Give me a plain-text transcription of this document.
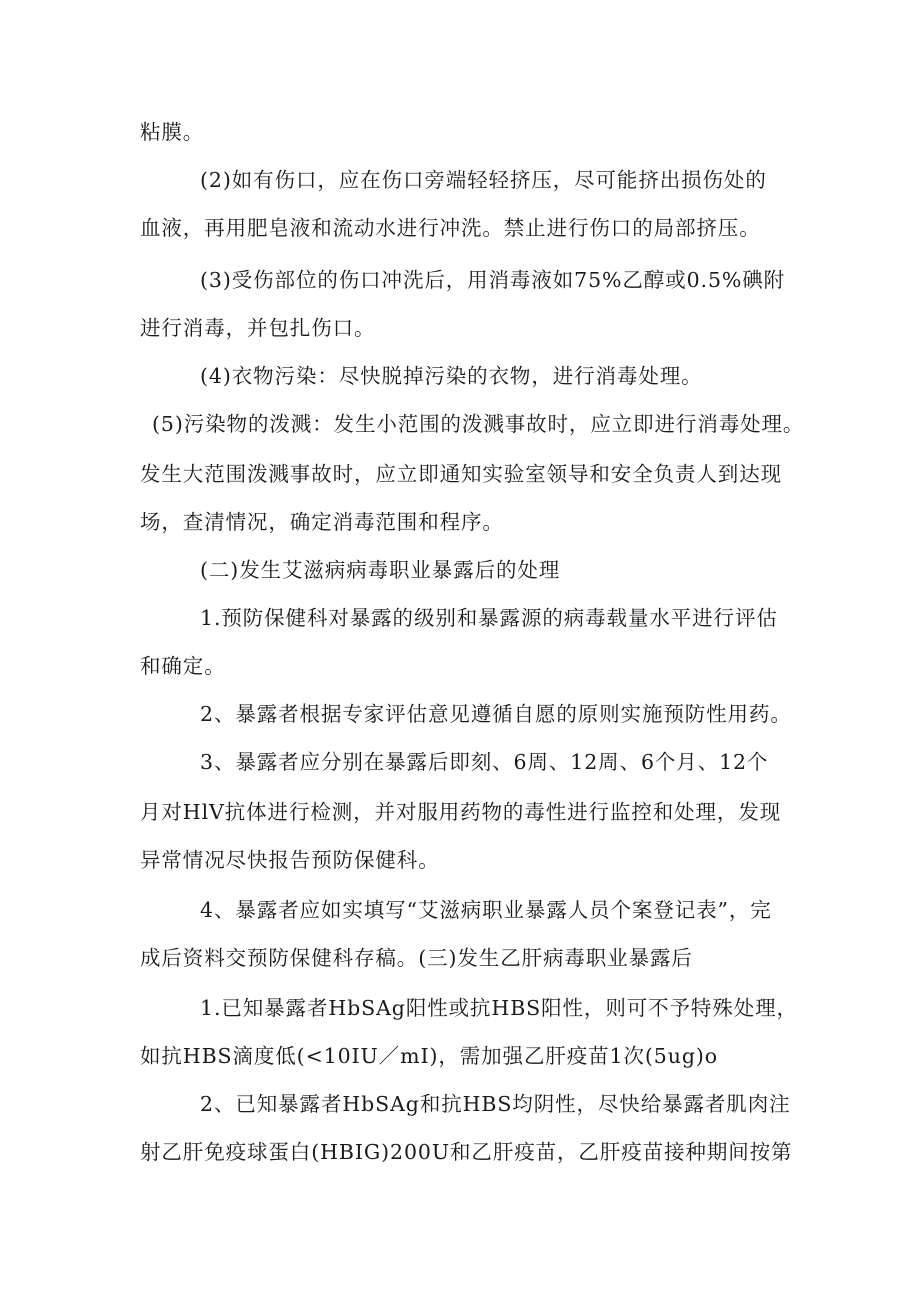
粘膜。
(2)如有伤口，应在伤口旁端轻轻挤压，尽可能挤出损伤处的
血液，再用肥皂液和流动水进行冲洗。禁止进行伤口的局部挤压。
(3)受伤部位的伤口冲洗后，用消毒液如75%乙醇或0.5%碘附
进行消毒，并包扎伤口。
(4)衣物污染：尽快脱掉污染的衣物，进行消毒处理。
(5)污染物的泼溅：发生小范围的泼溅事故时，应立即进行消毒处理。
发生大范围泼溅事故时，应立即通知实验室领导和安全负责人到达现
场，查清情况，确定消毒范围和程序。
(二)发生艾滋病病毒职业暴露后的处理
1.预防保健科对暴露的级别和暴露源的病毒载量水平进行评估
和确定。
2、暴露者根据专家评估意见遵循自愿的原则实施预防性用药。
3、暴露者应分别在暴露后即刻、6周、12周、6个月、12个
月对HlV抗体进行检测，并对服用药物的毒性进行监控和处理，发现
异常情况尽快报告预防保健科。
4、暴露者应如实填写“艾滋病职业暴露人员个案登记表”，完
成后资料交预防保健科存稿。(三)发生乙肝病毒职业暴露后
1.已知暴露者HbSAg阳性或抗HBS阳性，则可不予特殊处理，
如抗HBS滴度低(<10IU／mI)，需加强乙肝疫苗1次(5ug)o
2、已知暴露者HbSAg和抗HBS均阴性，尽快给暴露者肌肉注
射乙肝免疫球蛋白(HBIG)200U和乙肝疫苗，乙肝疫苗接种期间按第
